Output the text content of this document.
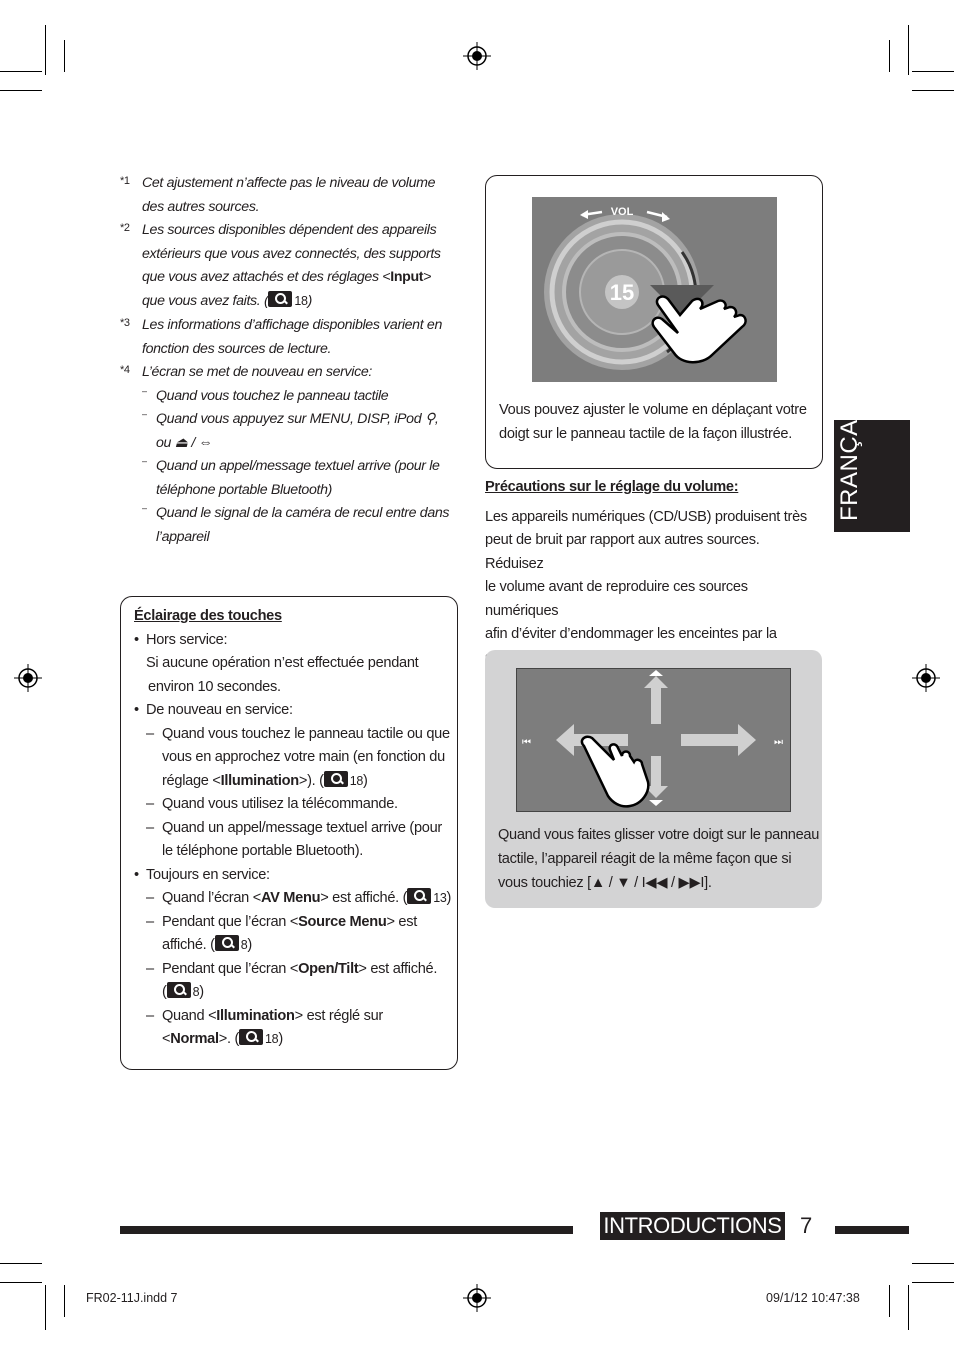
*1 Cet ajustement n’affecte pas le niveau de volume des autres sources.
*2 Les sources disponibles dépendent des appareils extérieurs que vous avez connectés, des supports que vous avez attachés et des réglages <Input> que vous avez faits. ( 18)
*3 Les informations d’affichage disponibles varient en fonction des sources de lecture.
*4 L’écran se met de nouveau en service:
– Quand vous touchez le panneau tactile
– Quand vous appuyez sur MENU, DISP, iPod ⚲, ou ⏏ / ⇔
– Quand un appel/message textuel arrive (pour le téléphone portable Bluetooth)
– Quand le signal de la caméra de recul entre dans l’appareil
Éclairage des touches
• Hors service:
Si aucune opération n’est effectuée pendant
environ 10 secondes.
• De nouveau en service:
– Quand vous touchez le panneau tactile ou que
vous en approchez votre main (en fonction du
réglage <Illumination>). ( 18)
– Quand vous utilisez la télécommande.
– Quand un appel/message textuel arrive (pour
le téléphone portable Bluetooth).
• Toujours en service:
– Quand l’écran <AV Menu> est affiché. ( 13)
– Pendant que l’écran <Source Menu> est
affiché. ( 8)
– Pendant que l’écran <Open/Tilt> est affiché.
( 8)
– Quand <Illumination> est réglé sur
<Normal>. ( 18)
VOL
15
Vous pouvez ajuster le volume en déplaçant votre
doigt sur le panneau tactile de la façon illustrée.
Précautions sur le réglage du volume:
Les appareils numériques (CD/USB) produisent très
peut de bruit par rapport aux autres sources. Réduisez
le volume avant de reproduire ces sources numériques
afin d’éviter d’endommager les enceintes par la
⏮	⏭
Quand vous faites glisser votre doigt sur le panneau
tactile, l’appareil réagit de la même façon que si
vous touchiez [▲ / ▼ / I◀◀ / ▶▶I].
FRANÇAIS
INTRODUCTIONS 7
FR02-11J.indd 7	09/1/12 10:47:38
